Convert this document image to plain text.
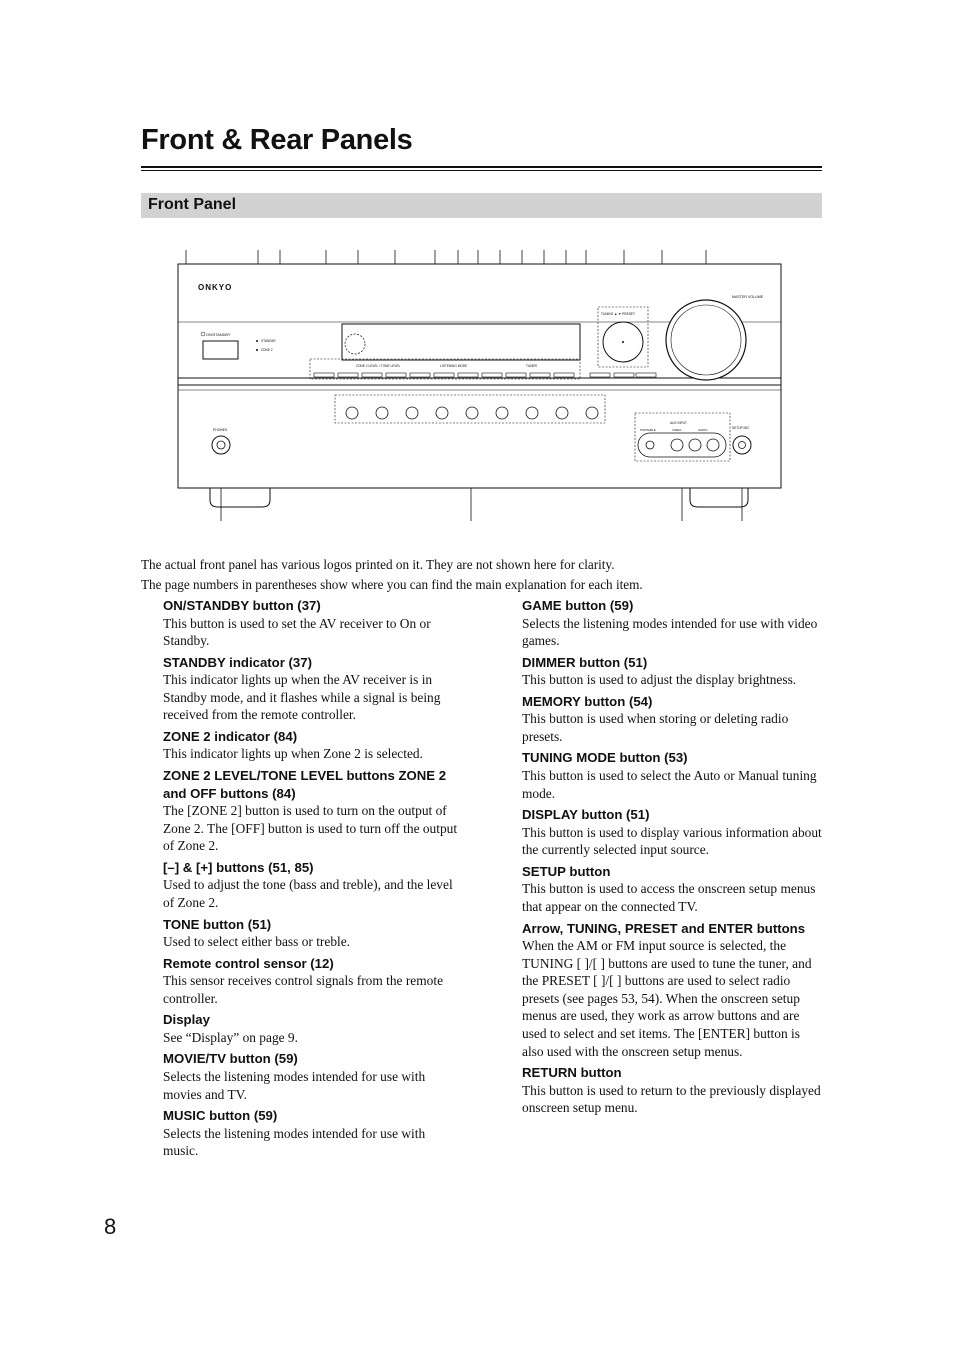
Front & Rear Panels
Front Panel
ONKYO
MASTER VOLUME
ON/STANDBY
STANDBY
ZONE 2
ZONE 2 LEVEL / TONE LEVEL	LISTENING MODE	TUNER
TUNING ▲ ▼ PRESET
PHONES
AUX INPUT
PORTABLE	VIDEO	AUDIO	SETUP MIC
The actual front panel has various logos printed on it. They are not shown here for clarity.
The page numbers in parentheses show where you can find the main explanation for each item.
ON/STANDBY button (37)
This button is used to set the AV receiver to On or Standby.
STANDBY indicator (37)
This indicator lights up when the AV receiver is in Standby mode, and it flashes while a signal is being received from the remote controller.
ZONE 2 indicator (84)
This indicator lights up when Zone 2 is selected.
ZONE 2 LEVEL/TONE LEVEL buttons ZONE 2 and OFF buttons (84)
The [ZONE 2] button is used to turn on the output of Zone 2. The [OFF] button is used to turn off the output of Zone 2.
[–] & [+] buttons (51, 85)
Used to adjust the tone (bass and treble), and the level of Zone 2.
TONE button (51)
Used to select either bass or treble.
Remote control sensor (12)
This sensor receives control signals from the remote controller.
Display
See “Display” on page 9.
MOVIE/TV button (59)
Selects the listening modes intended for use with movies and TV.
MUSIC button (59)
Selects the listening modes intended for use with music.
GAME button (59)
Selects the listening modes intended for use with video games.
DIMMER button (51)
This button is used to adjust the display brightness.
MEMORY button (54)
This button is used when storing or deleting radio presets.
TUNING MODE button (53)
This button is used to select the Auto or Manual tuning mode.
DISPLAY button (51)
This button is used to display various information about the currently selected input source.
SETUP button
This button is used to access the onscreen setup menus that appear on the connected TV.
Arrow, TUNING, PRESET and ENTER buttons
When the AM or FM input source is selected, the TUNING [ ]/[ ] buttons are used to tune the tuner, and the PRESET [ ]/[ ] buttons are used to select radio presets (see pages 53, 54). When the onscreen setup menus are used, they work as arrow buttons and are used to select and set items. The [ENTER] button is also used with the onscreen setup menus.
RETURN button
This button is used to return to the previously displayed onscreen setup menu.
8
